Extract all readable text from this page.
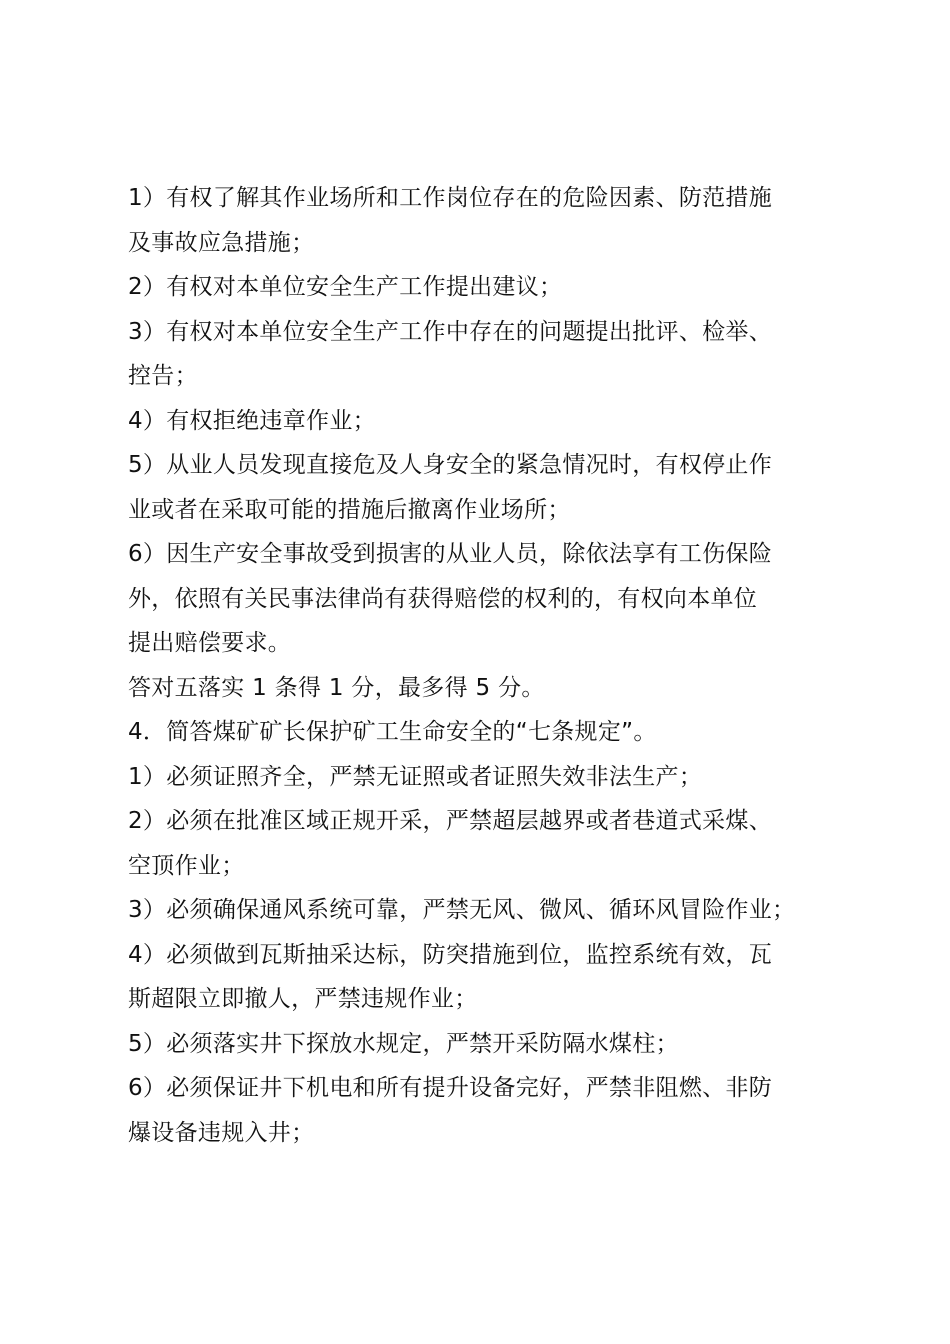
1）有权了解其作业场所和工作岗位存在的危险因素、防范措施
及事故应急措施；
2）有权对本单位安全生产工作提出建议；
3）有权对本单位安全生产工作中存在的问题提出批评、检举、
控告；
4）有权拒绝违章作业；
5）从业人员发现直接危及人身安全的紧急情况时，有权停止作
业或者在采取可能的措施后撤离作业场所；
6）因生产安全事故受到损害的从业人员，除依法享有工伤保险
外，依照有关民事法律尚有获得赔偿的权利的，有权向本单位
提出赔偿要求。
答对五落实 1 条得 1 分，最多得 5 分。
4．简答煤矿矿长保护矿工生命安全的“七条规定”。
1）必须证照齐全，严禁无证照或者证照失效非法生产；
2）必须在批准区域正规开采，严禁超层越界或者巷道式采煤、
空顶作业；
3）必须确保通风系统可靠，严禁无风、微风、循环风冒险作业；
4）必须做到瓦斯抽采达标，防突措施到位，监控系统有效，瓦
斯超限立即撤人，严禁违规作业；
5）必须落实井下探放水规定，严禁开采防隔水煤柱；
6）必须保证井下机电和所有提升设备完好，严禁非阻燃、非防
爆设备违规入井；
